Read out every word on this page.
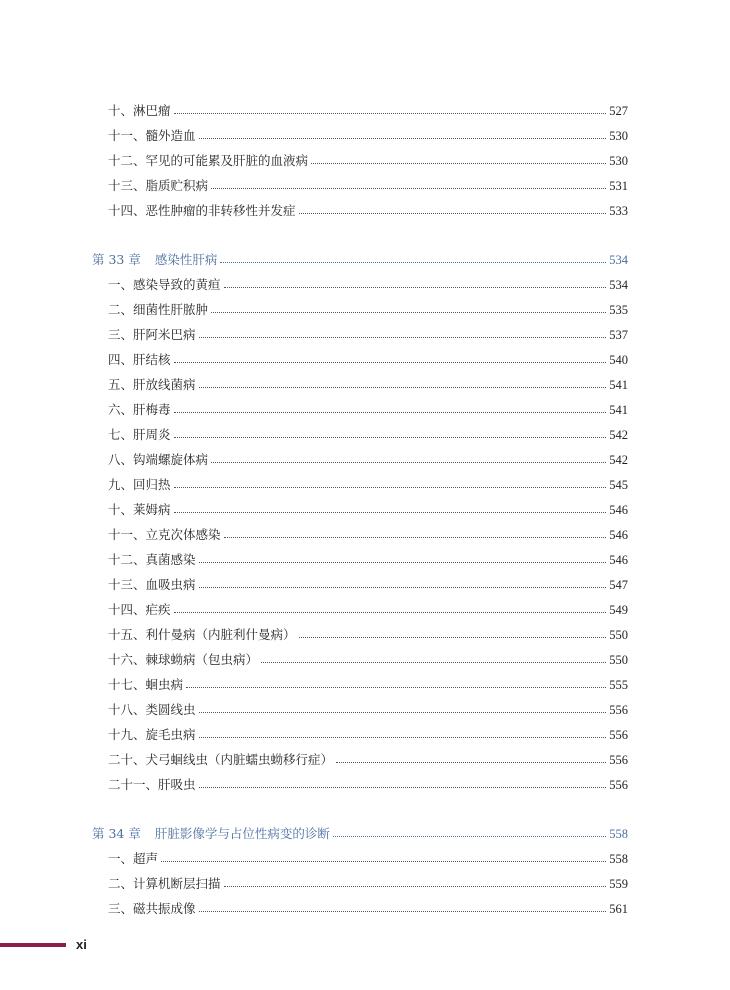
十、淋巴瘤	527
十一、髓外造血	530
十二、罕见的可能累及肝脏的血液病	530
十三、脂质贮积病	531
十四、恶性肿瘤的非转移性并发症	533
第 33 章 感染性肝病	534
一、感染导致的黄疸	534
二、细菌性肝脓肿	535
三、肝阿米巴病	537
四、肝结核	540
五、肝放线菌病	541
六、肝梅毒	541
七、肝周炎	542
八、钩端螺旋体病	542
九、回归热	545
十、莱姆病	546
十一、立克次体感染	546
十二、真菌感染	546
十三、血吸虫病	547
十四、疟疾	549
十五、利什曼病（内脏利什曼病）	550
十六、棘球蚴病（包虫病）	550
十七、蛔虫病	555
十八、类圆线虫	556
十九、旋毛虫病	556
二十、犬弓蛔线虫（内脏蠕虫蚴移行症）	556
二十一、肝吸虫	556
第 34 章 肝脏影像学与占位性病变的诊断	558
一、超声	558
二、计算机断层扫描	559
三、磁共振成像	561
xi
